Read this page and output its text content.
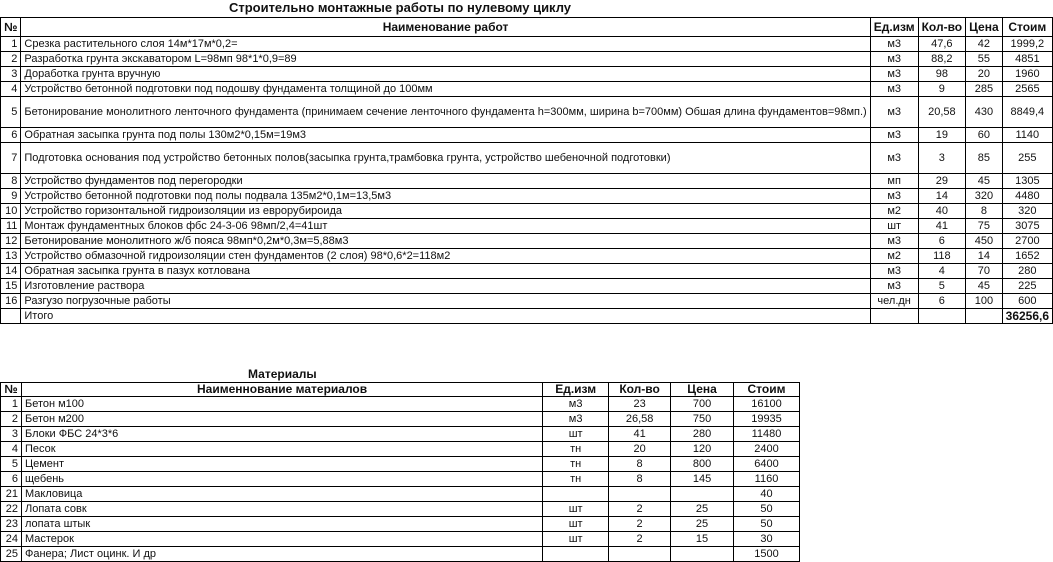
Строительно монтажные работы по нулевому циклу
№	Наименование работ	Ед.изм	Кол-во	Цена	Стоим
1	Срезка растительного слоя 14м*17м*0,2=	м3	47,6	42	1999,2
2	Разработка грунта экскаватором L=98мп 98*1*0,9=89	м3	88,2	55	4851
3	Доработка грунта вручную	м3	98	20	1960
4	Устройство бетонной подготовки под подошву фундамента толщиной до 100мм	м3	9	285	2565
5	Бетонирование монолитного ленточного фундамента (принимаем сечение ленточного фундамента h=300мм, ширина b=700мм) Обшая длина фундаментов=98мп.)	м3	20,58	430	8849,4
6	Обратная засыпка грунта под полы 130м2*0,15м=19м3	м3	19	60	1140
7	Подготовка основания под устройство бетонных полов(засыпка грунта,трамбовка грунта, устройство шебеночной подготовки)	м3	3	85	255
8	Устройство фундаментов под перегородки	мп	29	45	1305
9	Устройство бетонной подготовки под полы подвала 135м2*0,1м=13,5м3	м3	14	320	4480
10	Устройство горизонтальной гидроизоляции из еврорубироида	м2	40	8	320
11	Монтаж фундаментных блоков фбс 24-3-06 98мп/2,4=41шт	шт	41	75	3075
12	Бетонирование монолитного ж/б пояса 98мп*0,2м*0,3м=5,88м3	м3	6	450	2700
13	Устройство обмазочной гидроизоляции стен фундаментов (2 слоя) 98*0,6*2=118м2	м2	118	14	1652
14	Обратная засыпка грунта в пазух котлована	м3	4	70	280
15	Изготовление раствора	м3	5	45	225
16	Разгузо погрузочные работы	чел.дн	6	100	600
	Итого				36256,6
Материалы
№	Наименнование материалов	Ед.изм	Кол-во	Цена	Стоим
1	Бетон м100	м3	23	700	16100
2	Бетон м200	м3	26,58	750	19935
3	Блоки ФБС 24*3*6	шт	41	280	11480
4	Песок	тн	20	120	2400
5	Цемент	тн	8	800	6400
6	щебень	тн	8	145	1160
21	Макловица				40
22	Лопата совк	шт	2	25	50
23	лопата штык	шт	2	25	50
24	Мастерок	шт	2	15	30
25	Фанера; Лист оцинк. И др				1500
